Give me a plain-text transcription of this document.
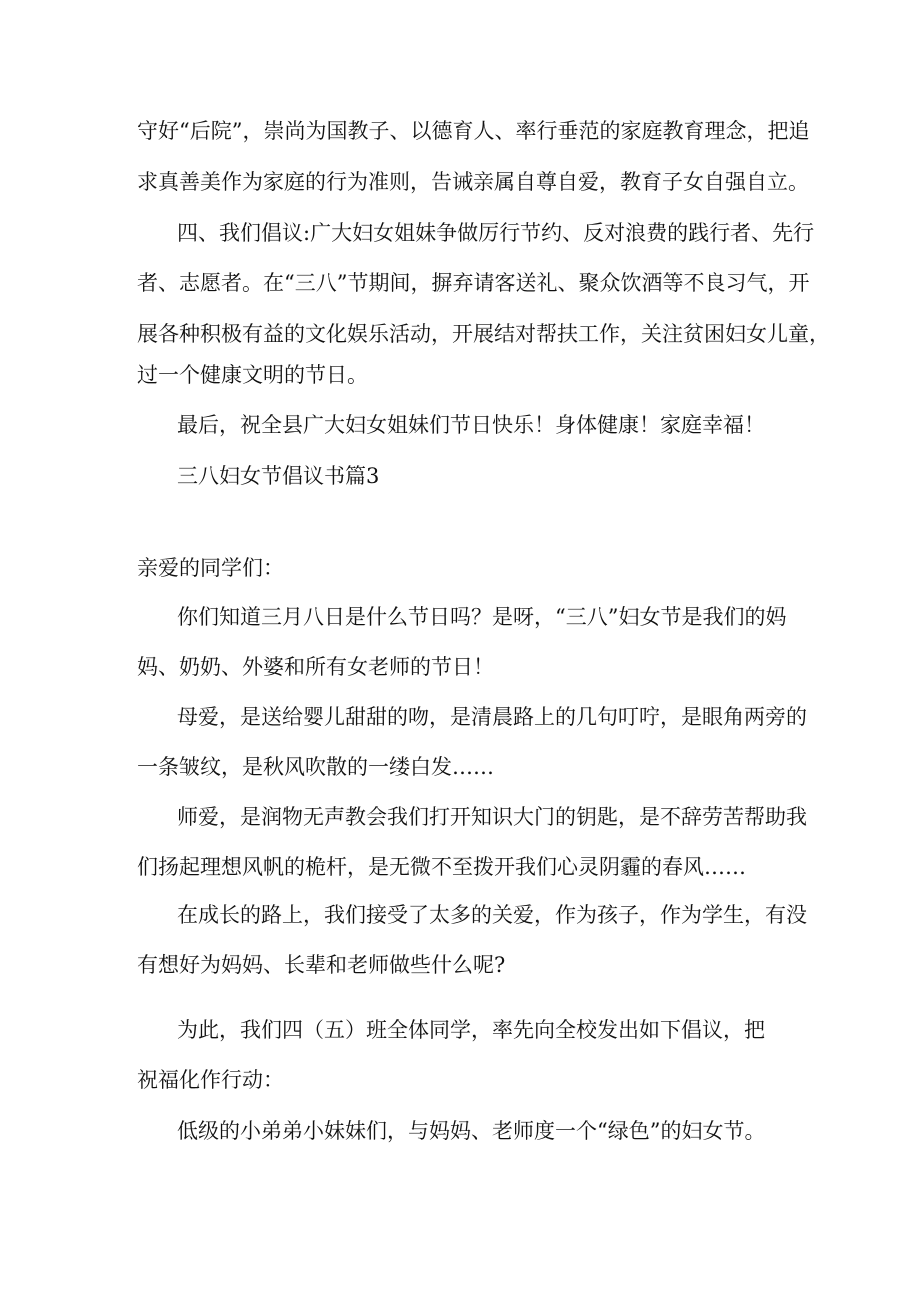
守好“后院”，崇尚为国教子、以德育人、率行垂范的家庭教育理念，把追
求真善美作为家庭的行为准则，告诫亲属自尊自爱，教育子女自强自立。
四、我们倡议:广大妇女姐妹争做厉行节约、反对浪费的践行者、先行
者、志愿者。在“三八”节期间，摒弃请客送礼、聚众饮酒等不良习气，开
展各种积极有益的文化娱乐活动，开展结对帮扶工作，关注贫困妇女儿童，
过一个健康文明的节日。
最后，祝全县广大妇女姐妹们节日快乐！身体健康！家庭幸福！
三八妇女节倡议书篇3
亲爱的同学们：
你们知道三月八日是什么节日吗？是呀，“三八”妇女节是我们的妈
妈、奶奶、外婆和所有女老师的节日！
母爱，是送给婴儿甜甜的吻，是清晨路上的几句叮咛，是眼角两旁的
一条皱纹，是秋风吹散的一缕白发……
师爱，是润物无声教会我们打开知识大门的钥匙，是不辞劳苦帮助我
们扬起理想风帆的桅杆，是无微不至拨开我们心灵阴霾的春风……
在成长的路上，我们接受了太多的关爱，作为孩子，作为学生，有没
有想好为妈妈、长辈和老师做些什么呢?
为此，我们四（五）班全体同学，率先向全校发出如下倡议，把
祝福化作行动：
低级的小弟弟小妹妹们，与妈妈、老师度一个“绿色”的妇女节。
